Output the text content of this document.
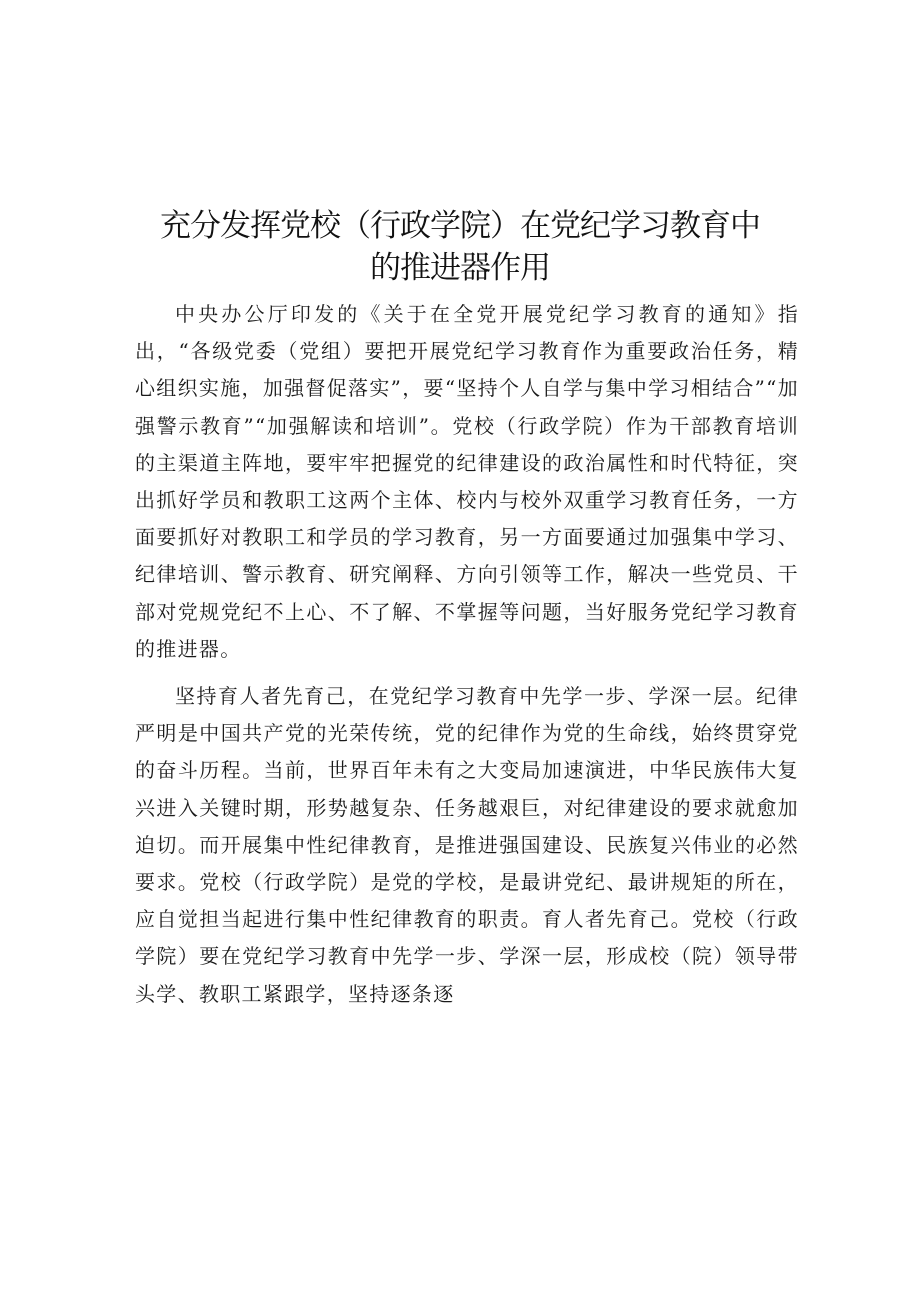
充分发挥党校（行政学院）在党纪学习教育中
的推进器作用

中央办公厅印发的《关于在全党开展党纪学习教育的通知》指出，“各级党委（党组）要把开展党纪学习教育作为重要政治任务，精心组织实施，加强督促落实”，要“坚持个人自学与集中学习相结合”“加强警示教育”“加强解读和培训”。党校（行政学院）作为干部教育培训的主渠道主阵地，要牢牢把握党的纪律建设的政治属性和时代特征，突出抓好学员和教职工这两个主体、校内与校外双重学习教育任务，一方面要抓好对教职工和学员的学习教育，另一方面要通过加强集中学习、纪律培训、警示教育、研究阐释、方向引领等工作，解决一些党员、干部对党规党纪不上心、不了解、不掌握等问题，当好服务党纪学习教育的推进器。

坚持育人者先育己，在党纪学习教育中先学一步、学深一层。纪律严明是中国共产党的光荣传统，党的纪律作为党的生命线，始终贯穿党的奋斗历程。当前，世界百年未有之大变局加速演进，中华民族伟大复兴进入关键时期，形势越复杂、任务越艰巨，对纪律建设的要求就愈加迫切。而开展集中性纪律教育，是推进强国建设、民族复兴伟业的必然要求。党校（行政学院）是党的学校，是最讲党纪、最讲规矩的所在，应自觉担当起进行集中性纪律教育的职责。育人者先育己。党校（行政学院）要在党纪学习教育中先学一步、学深一层，形成校（院）领导带头学、教职工紧跟学，坚持逐条逐
